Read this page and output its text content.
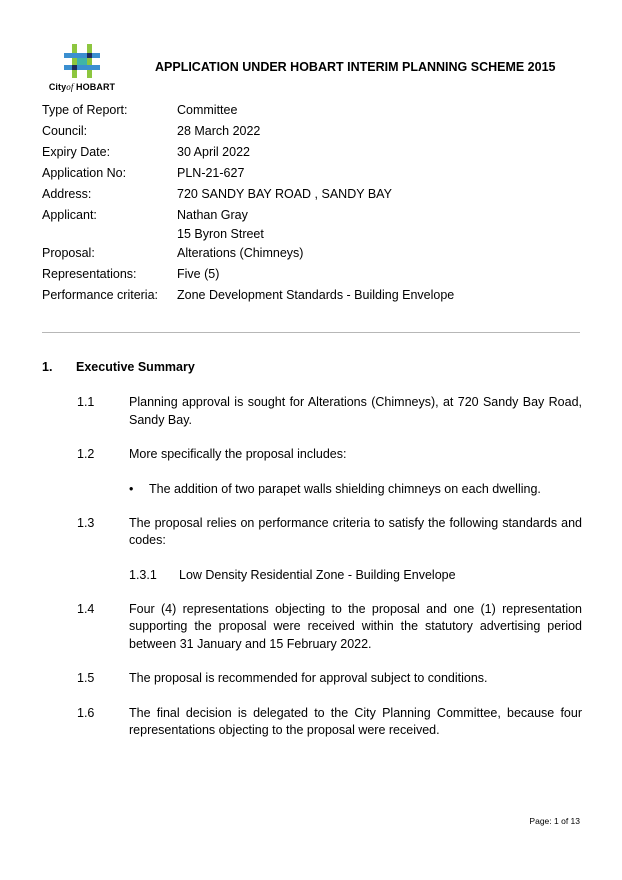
Cityof HOBART
APPLICATION UNDER HOBART INTERIM PLANNING SCHEME 2015
Type of Report:	Committee
Council:	28 March 2022
Expiry Date:	30 April 2022
Application No:	PLN-21-627
Address:	720 SANDY BAY ROAD , SANDY BAY
Applicant:	Nathan Gray
15 Byron Street
Proposal:	Alterations (Chimneys)
Representations:	Five (5)
Performance criteria:	Zone Development Standards - Building Envelope
1.	Executive Summary
1.1	Planning approval is sought for Alterations (Chimneys), at 720 Sandy Bay Road, Sandy Bay.
1.2	More specifically the proposal includes:
•	The addition of two parapet walls shielding chimneys on each dwelling.
1.3	The proposal relies on performance criteria to satisfy the following standards and codes:
1.3.1	Low Density Residential Zone - Building Envelope
1.4	Four (4) representations objecting to the proposal and one (1) representation supporting the proposal were received within the statutory advertising period between 31 January and 15 February 2022.
1.5	The proposal is recommended for approval subject to conditions.
1.6	The final decision is delegated to the City Planning Committee, because four representations objecting to the proposal were received.
Page: 1 of 13
